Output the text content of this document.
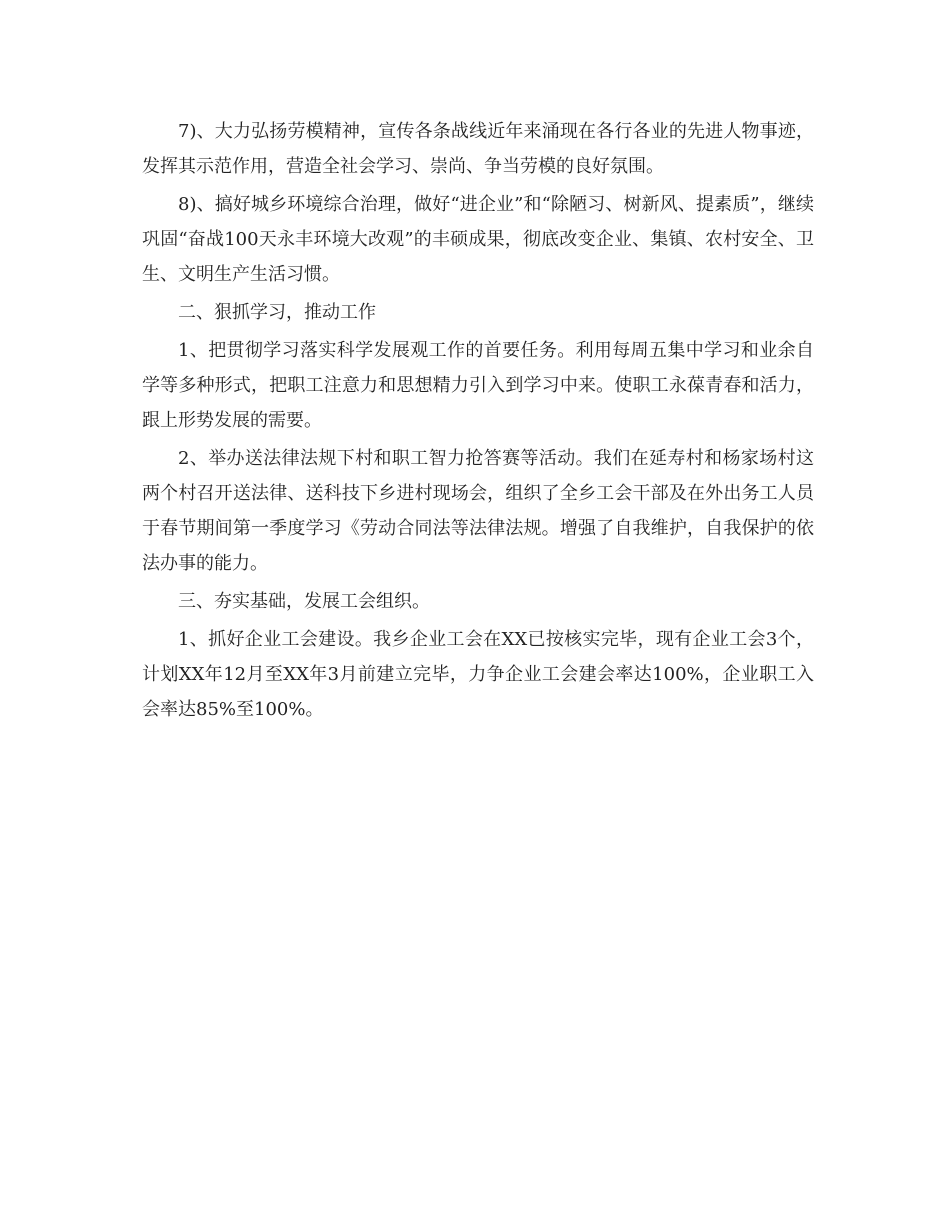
7)、大力弘扬劳模精神，宣传各条战线近年来涌现在各行各业的先进人物事迹，发挥其示范作用，营造全社会学习、崇尚、争当劳模的良好氛围。

8)、搞好城乡环境综合治理，做好“进企业”和“除陋习、树新风、提素质”，继续巩固“奋战100天永丰环境大改观”的丰硕成果，彻底改变企业、集镇、农村安全、卫生、文明生产生活习惯。

二、狠抓学习，推动工作

1、把贯彻学习落实科学发展观工作的首要任务。利用每周五集中学习和业余自学等多种形式，把职工注意力和思想精力引入到学习中来。使职工永葆青春和活力，跟上形势发展的需要。

2、举办送法律法规下村和职工智力抢答赛等活动。我们在延寿村和杨家场村这两个村召开送法律、送科技下乡进村现场会，组织了全乡工会干部及在外出务工人员于春节期间第一季度学习《劳动合同法等法律法规。增强了自我维护，自我保护的依法办事的能力。

三、夯实基础，发展工会组织。

1、抓好企业工会建设。我乡企业工会在XX已按核实完毕，现有企业工会3个，计划XX年12月至XX年3月前建立完毕，力争企业工会建会率达100%，企业职工入会率达85%至100%。
